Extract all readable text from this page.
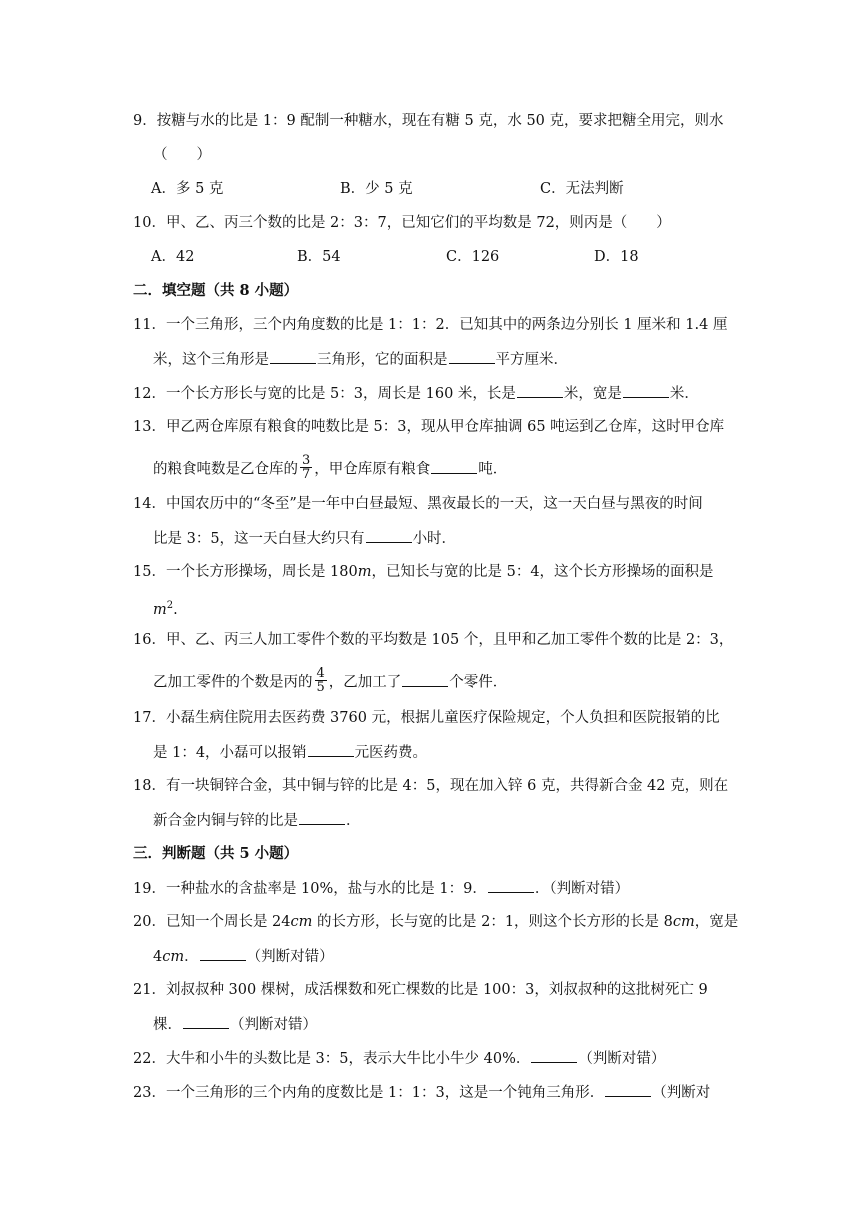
9．按糖与水的比是 1：9 配制一种糖水，现在有糖 5 克，水 50 克，要求把糖全用完，则水
（　　）
A．多 5 克	B．少 5 克	C．无法判断
10．甲、乙、丙三个数的比是 2：3：7，已知它们的平均数是 72，则丙是（　　）
A．42	B．54	C．126	D．18
二．填空题（共 8 小题）
11．一个三角形，三个内角度数的比是 1：1：2．已知其中的两条边分别长 1 厘米和 1.4 厘
米，这个三角形是	三角形，它的面积是	平方厘米．
12．一个长方形长与宽的比是 5：3，周长是 160 米，长是	米，宽是	米．
13．甲乙两仓库原有粮食的吨数比是 5：3，现从甲仓库抽调 65 吨运到乙仓库，这时甲仓库
的粮食吨数是乙仓库的 $\frac{3}{7}$ ，甲仓库原有粮食	吨．
14．中国农历中的“冬至”是一年中白昼最短、黑夜最长的一天，这一天白昼与黑夜的时间
比是 3：5，这一天白昼大约只有	小时．
15．一个长方形操场，周长是 180m，已知长与宽的比是 5：4，这个长方形操场的面积是
$m^2$.
16．甲、乙、丙三人加工零件个数的平均数是 105 个，且甲和乙加工零件个数的比是 2：3，
乙加工零件的个数是丙的 $\frac{4}{5}$ ，乙加工了	个零件．
17．小磊生病住院用去医药费 3760 元，根据儿童医疗保险规定，个人负担和医院报销的比
是 1：4，小磊可以报销	元医药费。
18．有一块铜锌合金，其中铜与锌的比是 4：5，现在加入锌 6 克，共得新合金 42 克，则在
新合金内铜与锌的比是	．
三．判断题（共 5 小题）
19．一种盐水的含盐率是 10%，盐与水的比是 1：9．	．（判断对错）
20．已知一个周长是 24cm 的长方形，长与宽的比是 2：1，则这个长方形的长是 8cm，宽是
4cm．	（判断对错）
21．刘叔叔种 300 棵树，成活棵数和死亡棵数的比是 100：3，刘叔叔种的这批树死亡 9
棵．	（判断对错）
22．大牛和小牛的头数比是 3：5，表示大牛比小牛少 40%．	（判断对错）
23．一个三角形的三个内角的度数比是 1：1：3，这是一个钝角三角形．	（判断对
